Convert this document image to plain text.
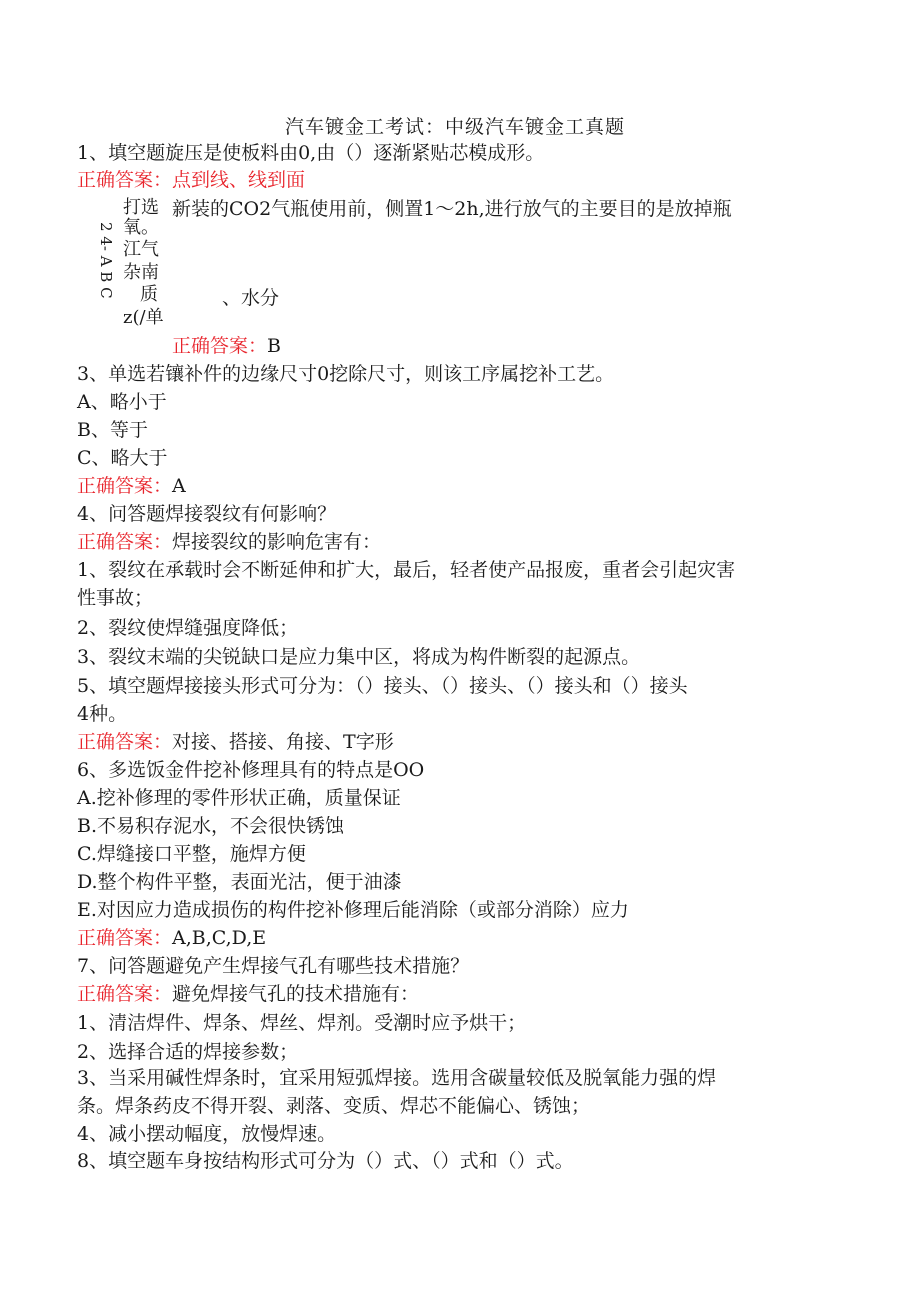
汽车镀金工考试：中级汽车镀金工真题
1、填空题旋压是使板料由0,由（）逐渐紧贴芯模成形。
正确答案：点到线、线到面
2 4- A B C
打选
氧。
江气
杂南
质
z(/单
新装的CO2气瓶使用前，侧置1～2h,进行放气的主要目的是放掉瓶
、水分
正确答案：B
3、单选若镶补件的边缘尺寸0挖除尺寸，则该工序属挖补工艺。
A、略小于
B、等于
C、略大于
正确答案：A
4、问答题焊接裂纹有何影响？
正确答案：焊接裂纹的影响危害有：
1、裂纹在承载时会不断延伸和扩大，最后，轻者使产品报废，重者会引起灾害
性事故；
2、裂纹使焊缝强度降低；
3、裂纹末端的尖锐缺口是应力集中区，将成为构件断裂的起源点。
5、填空题焊接接头形式可分为：（）接头、（）接头、（）接头和（）接头
4种。
正确答案：对接、搭接、角接、T字形
6、多选饭金件挖补修理具有的特点是OO
A.挖补修理的零件形状正确，质量保证
B.不易积存泥水，不会很快锈蚀
C.焊缝接口平整，施焊方便
D.整个构件平整，表面光沽，便于油漆
E.对因应力造成损伤的构件挖补修理后能消除（或部分消除）应力
正确答案：A,B,C,D,E
7、问答题避免产生焊接气孔有哪些技术措施？
正确答案：避免焊接气孔的技术措施有：
1、清洁焊件、焊条、焊丝、焊剂。受潮时应予烘干；
2、选择合适的焊接参数；
3、当采用碱性焊条时，宜采用短弧焊接。选用含碳量较低及脱氧能力强的焊
条。焊条药皮不得开裂、剥落、变质、焊芯不能偏心、锈蚀；
4、减小摆动幅度，放慢焊速。
8、填空题车身按结构形式可分为（）式、（）式和（）式。
